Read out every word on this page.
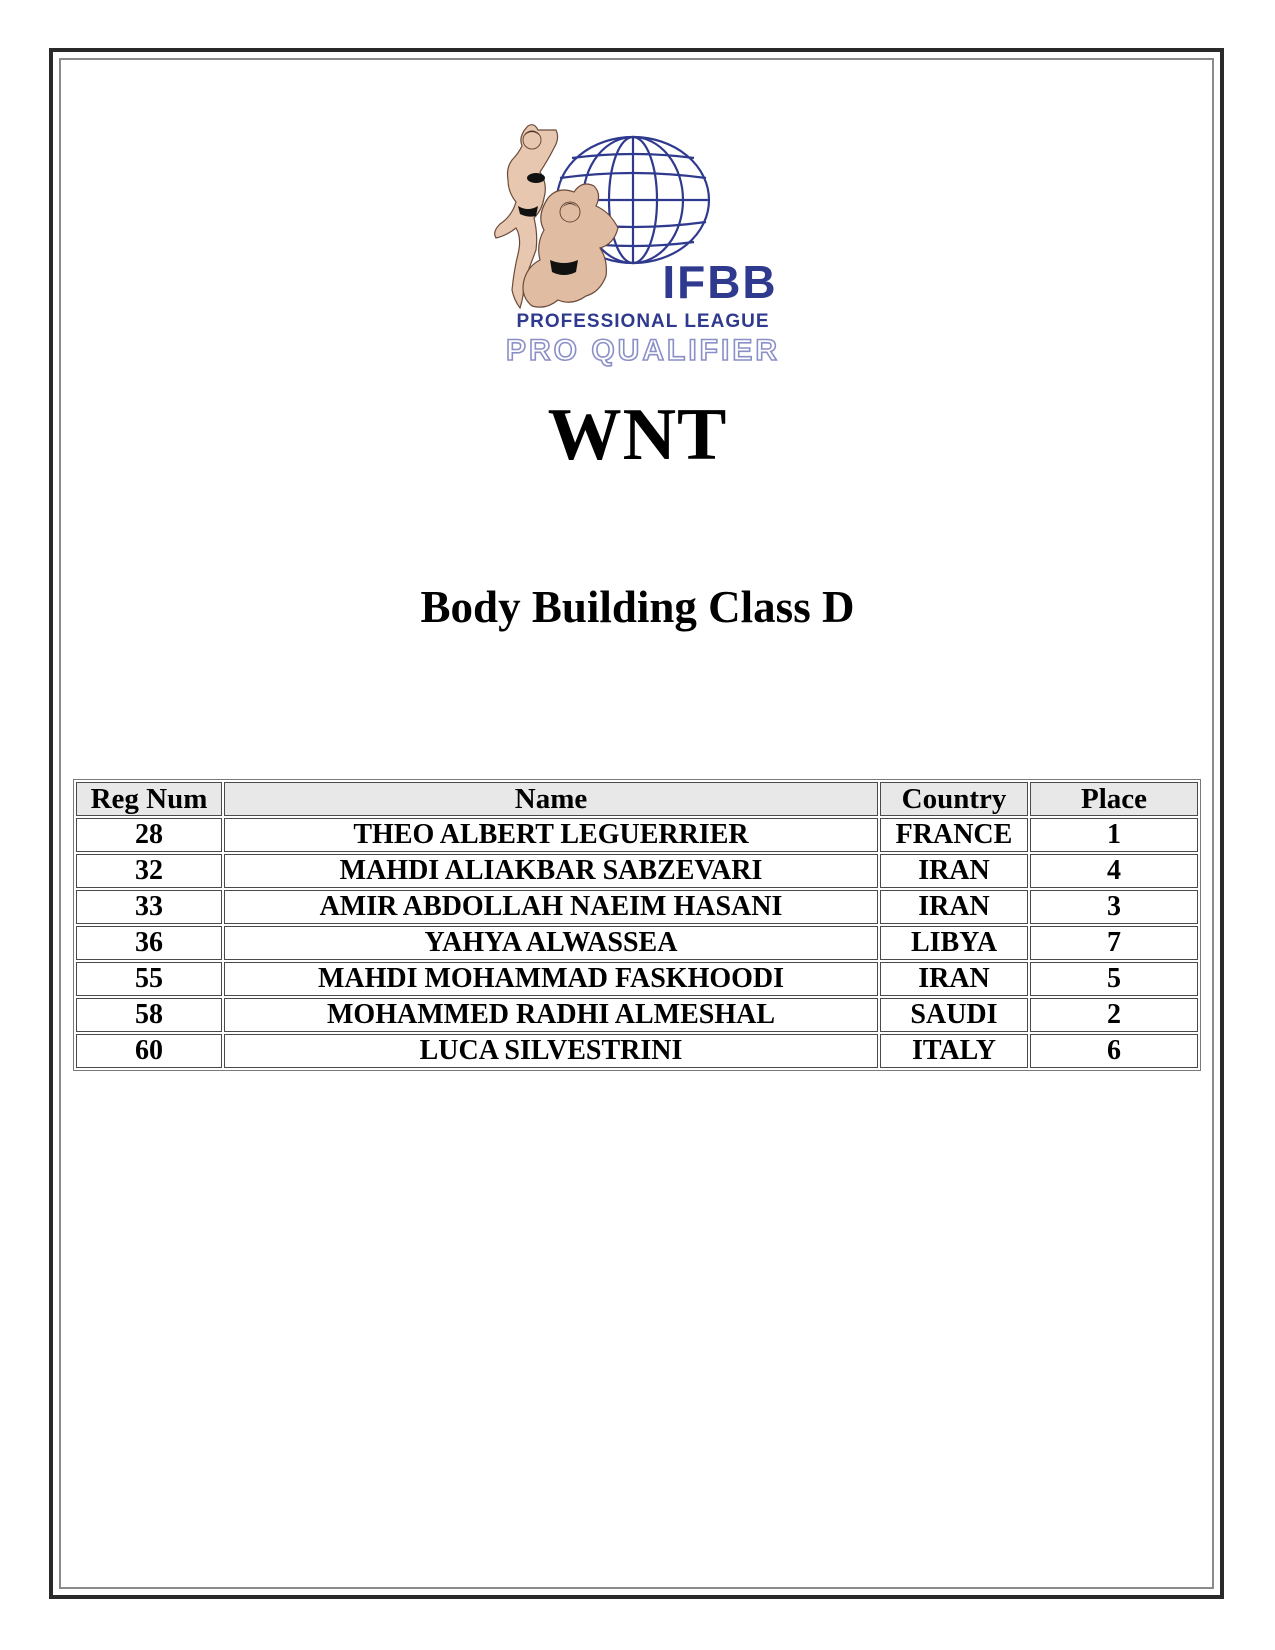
IFBB
PROFESSIONAL LEAGUE
PRO QUALIFIER
WNT
Body Building Class D
Reg Num	Name	Country	Place
28	THEO ALBERT LEGUERRIER	FRANCE	1
32	MAHDI ALIAKBAR SABZEVARI	IRAN	4
33	AMIR ABDOLLAH NAEIM HASANI	IRAN	3
36	YAHYA ALWASSEA	LIBYA	7
55	MAHDI MOHAMMAD FASKHOODI	IRAN	5
58	MOHAMMED RADHI ALMESHAL	SAUDI	2
60	LUCA SILVESTRINI	ITALY	6
